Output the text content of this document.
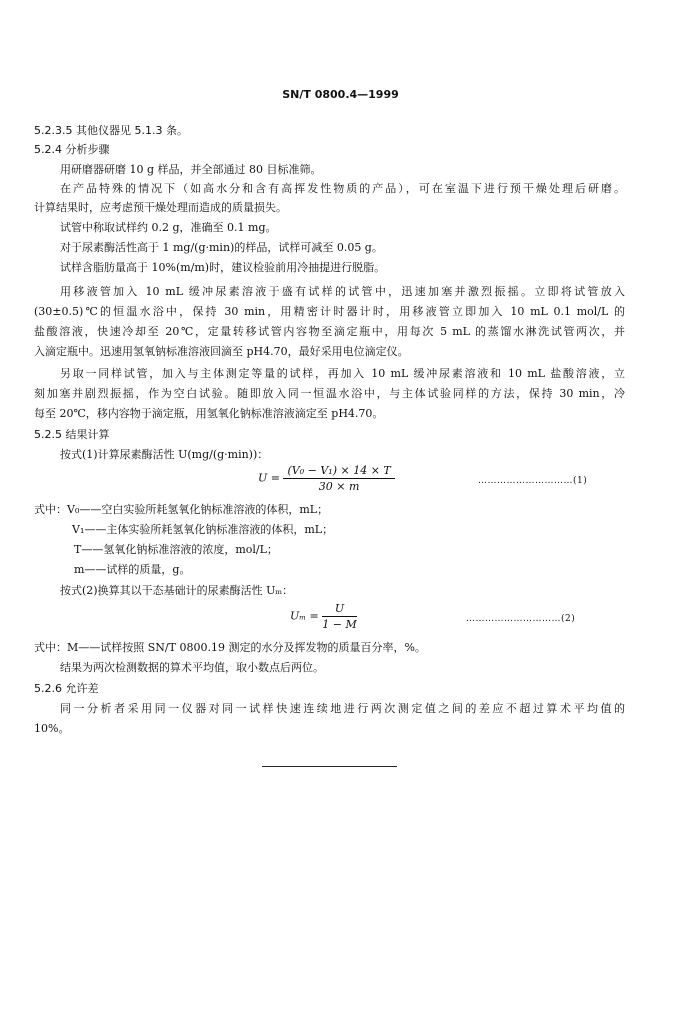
SN/T 0800.4—1999
5.2.3.5 其他仪器见 5.1.3 条。
5.2.4 分析步骤
用研磨器研磨 10 g 样品，并全部通过 80 目标准筛。
在产品特殊的情况下（如高水分和含有高挥发性物质的产品），可在室温下进行预干燥处理后研磨。
计算结果时，应考虑预干燥处理而造成的质量损失。
试管中称取试样约 0.2 g，准确至 0.1 mg。
对于尿素酶活性高于 1 mg/(g·min)的样品，试样可减至 0.05 g。
试样含脂肪量高于 10%(m/m)时，建议检验前用冷抽提进行脱脂。
用移液管加入 10 mL 缓冲尿素溶液于盛有试样的试管中，迅速加塞并激烈振摇。立即将试管放入
(30±0.5)℃的恒温水浴中，保持 30 min，用精密计时器计时，用移液管立即加入 10 mL 0.1 mol/L 的
盐酸溶液，快速冷却至 20℃，定量转移试管内容物至滴定瓶中，用每次 5 mL 的蒸馏水淋洗试管两次，并
入滴定瓶中。迅速用氢氧钠标准溶液回滴至 pH4.70，最好采用电位滴定仪。
另取一同样试管，加入与主体测定等量的试样，再加入 10 mL 缓冲尿素溶液和 10 mL 盐酸溶液，立
刻加塞并剧烈振摇，作为空白试验。随即放入同一恒温水浴中，与主体试验同样的方法，保持 30 min，冷
每至 20℃，移内容物于滴定瓶，用氢氧化钠标准溶液滴定至 pH4.70。
5.2.5 结果计算
按式(1)计算尿素酶活性 U(mg/(g·min))：
$U = \frac{\text{(V₀ − V₁) × 14 × T}}{30 \times m}$	…………………………(1)
式中：V₀——空白实验所耗氢氧化钠标准溶液的体积，mL；
V₁——主体实验所耗氢氧化钠标准溶液的体积，mL；
T——氢氧化钠标准溶液的浓度，mol/L；
m——试样的质量，g。
按式(2)换算其以干态基础计的尿素酶活性 Uₘ：
$U_m = \frac{U}{1 - M}$	…………………………(2)
式中：M——试样按照 SN/T 0800.19 测定的水分及挥发物的质量百分率，%。
结果为两次检测数据的算术平均值，取小数点后两位。
5.2.6 允许差
同一分析者采用同一仪器对同一试样快速连续地进行两次测定值之间的差应不超过算术平均值的
10%。
